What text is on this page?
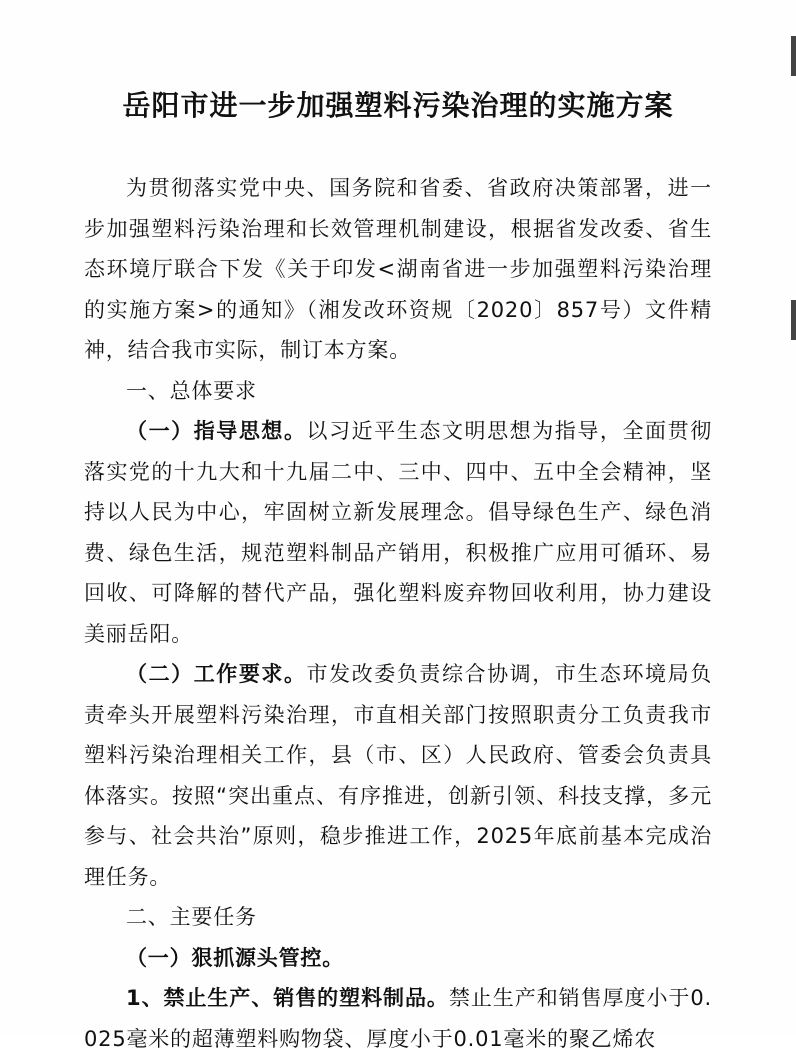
岳阳市进一步加强塑料污染治理的实施方案

为贯彻落实党中央、国务院和省委、省政府决策部署，进一步加强塑料污染治理和长效管理机制建设，根据省发改委、省生态环境厅联合下发《关于印发<湖南省进一步加强塑料污染治理的实施方案>的通知》（湘发改环资规〔2020〕857号）文件精神，结合我市实际，制订本方案。

一、总体要求

（一）指导思想。以习近平生态文明思想为指导，全面贯彻落实党的十九大和十九届二中、三中、四中、五中全会精神，坚持以人民为中心，牢固树立新发展理念。倡导绿色生产、绿色消费、绿色生活，规范塑料制品产销用，积极推广应用可循环、易回收、可降解的替代产品，强化塑料废弃物回收利用，协力建设美丽岳阳。

（二）工作要求。市发改委负责综合协调，市生态环境局负责牵头开展塑料污染治理，市直相关部门按照职责分工负责我市塑料污染治理相关工作，县（市、区）人民政府、管委会负责具体落实。按照“突出重点、有序推进，创新引领、科技支撑，多元参与、社会共治”原则，稳步推进工作，2025年底前基本完成治理任务。

二、主要任务

（一）狠抓源头管控。

1、禁止生产、销售的塑料制品。禁止生产和销售厚度小于0.025毫米的超薄塑料购物袋、厚度小于0.01毫米的聚乙烯农
